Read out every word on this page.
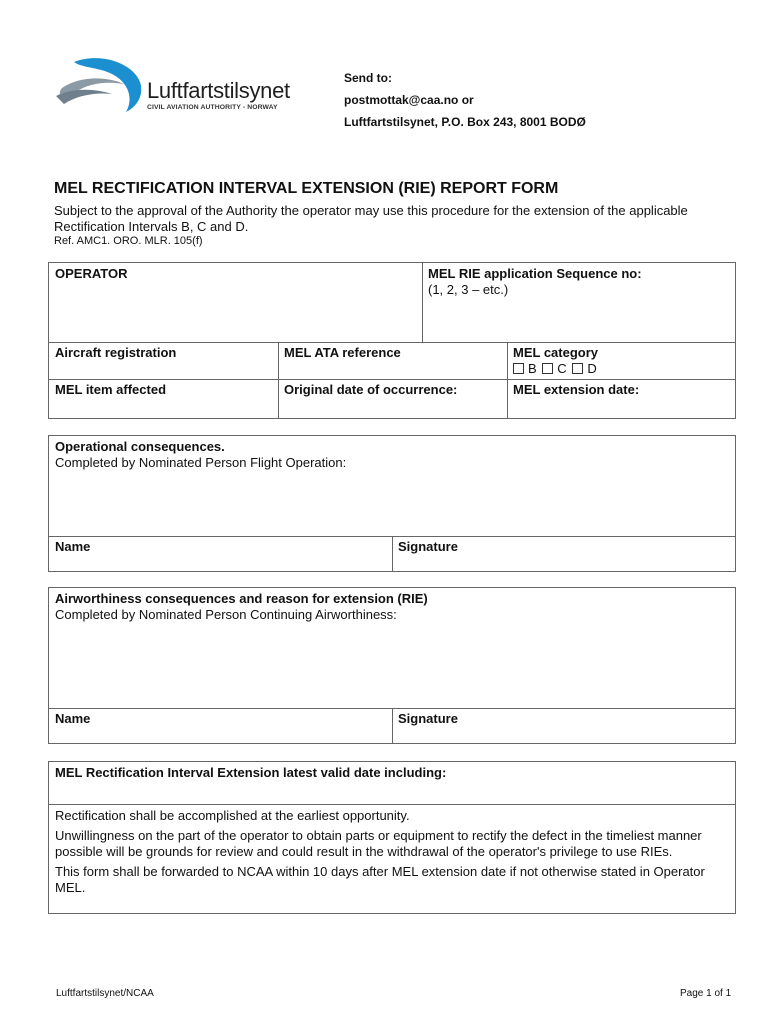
Luftfartstilsynet
CIVIL AVIATION AUTHORITY - NORWAY
Send to:
postmottak@caa.no or
Luftfartstilsynet, P.O. Box 243, 8001 BODØ
MEL RECTIFICATION INTERVAL EXTENSION (RIE) REPORT FORM
Subject to the approval of the Authority the operator may use this procedure for the extension of the applicable Rectification Intervals B, C and D.
Ref. AMC1. ORO. MLR. 105(f)
OPERATOR	MEL RIE application Sequence no:
(1, 2, 3 – etc.)
Aircraft registration	MEL ATA reference	MEL category
B C D
MEL item affected	Original date of occurrence:	MEL extension date:
Operational consequences.
Completed by Nominated Person Flight Operation:
Name	Signature
Airworthiness consequences and reason for extension (RIE)
Completed by Nominated Person Continuing Airworthiness:
Name	Signature
MEL Rectification Interval Extension latest valid date including:

Rectification shall be accomplished at the earliest opportunity.

Unwillingness on the part of the operator to obtain parts or equipment to rectify the defect in the timeliest manner possible will be grounds for review and could result in the withdrawal of the operator's privilege to use RIEs.

This form shall be forwarded to NCAA within 10 days after MEL extension date if not otherwise stated in Operator MEL.

Luftfartstilsynet/NCAA	Page 1 of 1
